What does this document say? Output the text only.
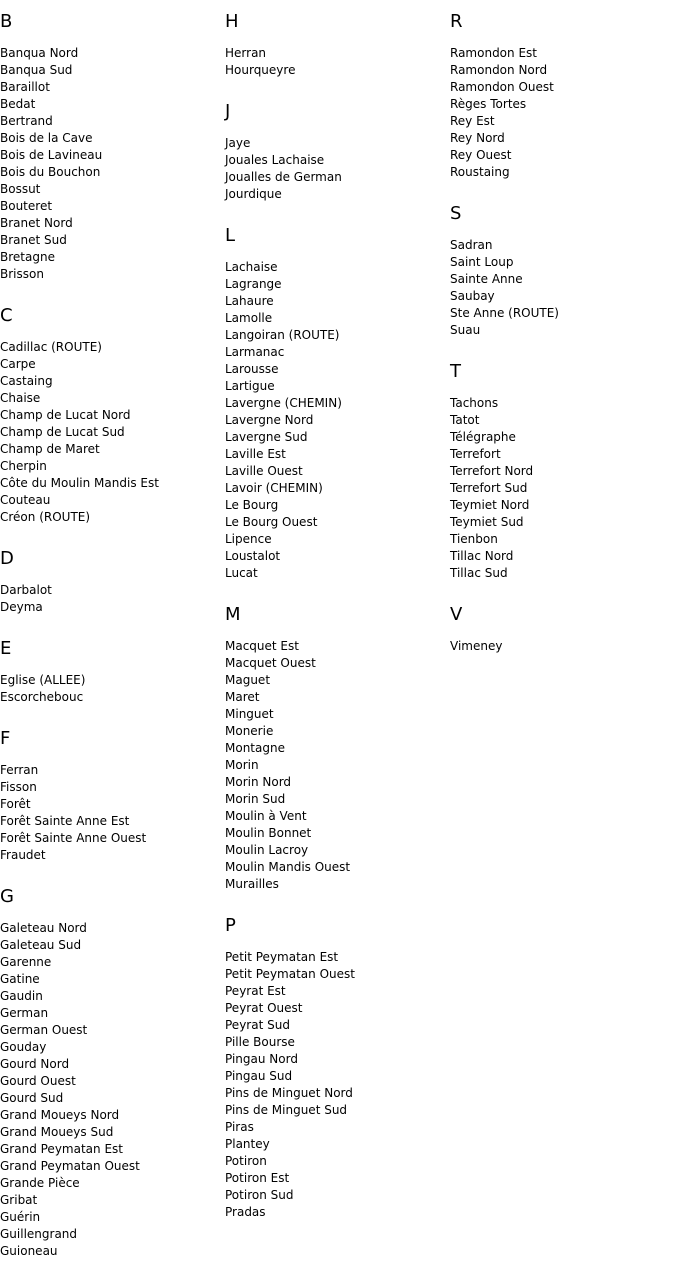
B
Banqua Nord
Banqua Sud
Baraillot
Bedat
Bertrand
Bois de la Cave
Bois de Lavineau
Bois du Bouchon
Bossut
Bouteret
Branet Nord
Branet Sud
Bretagne
Brisson
C
Cadillac (ROUTE)
Carpe
Castaing
Chaise
Champ de Lucat Nord
Champ de Lucat Sud
Champ de Maret
Cherpin
Côte du Moulin Mandis Est
Couteau
Créon (ROUTE)
D
Darbalot
Deyma
E
Eglise (ALLEE)
Escorchebouc
F
Ferran
Fisson
Forêt
Forêt Sainte Anne Est
Forêt Sainte Anne Ouest
Fraudet
G
Galeteau Nord
Galeteau Sud
Garenne
Gatine
Gaudin
German
German Ouest
Gouday
Gourd Nord
Gourd Ouest
Gourd Sud
Grand Moueys Nord
Grand Moueys Sud
Grand Peymatan Est
Grand Peymatan Ouest
Grande Pièce
Gribat
Guérin
Guillengrand
Guioneau
H
Herran
Hourqueyre
J
Jaye
Jouales Lachaise
Joualles de German
Jourdique
L
Lachaise
Lagrange
Lahaure
Lamolle
Langoiran (ROUTE)
Larmanac
Larousse
Lartigue
Lavergne (CHEMIN)
Lavergne Nord
Lavergne Sud
Laville Est
Laville Ouest
Lavoir (CHEMIN)
Le Bourg
Le Bourg Ouest
Lipence
Loustalot
Lucat
M
Macquet Est
Macquet Ouest
Maguet
Maret
Minguet
Monerie
Montagne
Morin
Morin Nord
Morin Sud
Moulin à Vent
Moulin Bonnet
Moulin Lacroy
Moulin Mandis Ouest
Murailles
P
Petit Peymatan Est
Petit Peymatan Ouest
Peyrat Est
Peyrat Ouest
Peyrat Sud
Pille Bourse
Pingau Nord
Pingau Sud
Pins de Minguet Nord
Pins de Minguet Sud
Piras
Plantey
Potiron
Potiron Est
Potiron Sud
Pradas
R
Ramondon Est
Ramondon Nord
Ramondon Ouest
Règes Tortes
Rey Est
Rey Nord
Rey Ouest
Roustaing
S
Sadran
Saint Loup
Sainte Anne
Saubay
Ste Anne (ROUTE)
Suau
T
Tachons
Tatot
Télégraphe
Terrefort
Terrefort Nord
Terrefort Sud
Teymiet Nord
Teymiet Sud
Tienbon
Tillac Nord
Tillac Sud
V
Vimeney
